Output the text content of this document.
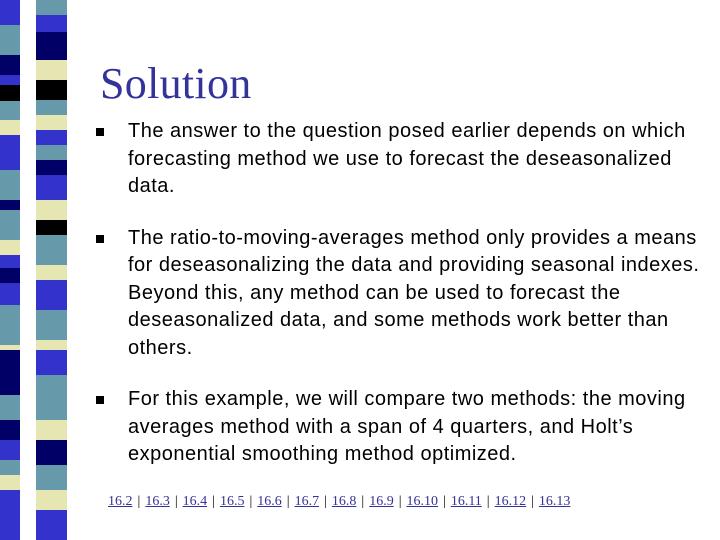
Solution
The answer to the question posed earlier depends on which forecasting method we use to forecast the deseasonalized data.
The ratio-to-moving-averages method only provides a means for deseasonalizing the data and providing seasonal indexes. Beyond this, any method can be used to forecast the deseasonalized data, and some methods work better than others.
For this example, we will compare two methods: the moving averages method with a span of 4 quarters, and Holt’s exponential smoothing method optimized.
16.2 | 16.3 | 16.4 | 16.5 | 16.6 | 16.7 | 16.8 | 16.9 | 16.10 | 16.11 | 16.12 | 16.13
